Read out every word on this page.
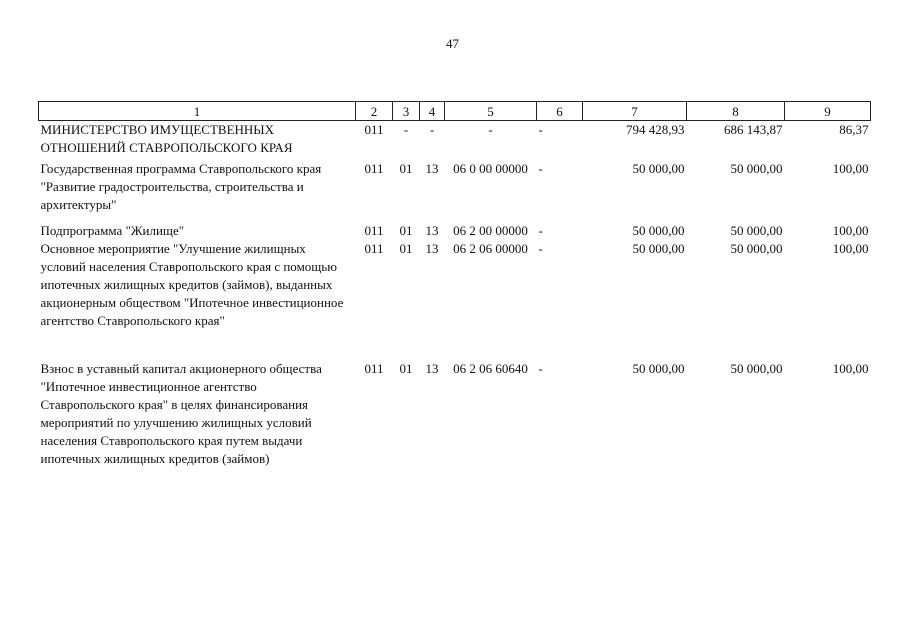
47
1	2	3	4	5	6	7	8	9
МИНИСТЕРСТВО ИМУЩЕСТВЕННЫХ ОТНОШЕНИЙ СТАВРОПОЛЬСКОГО КРАЯ	011	-	-	-	-	794 428,93	686 143,87	86,37

Государственная программа Ставропольского края "Развитие градостроительства, строительства и архитектуры"	011	01	13	06 0 00 00000	-	50 000,00	50 000,00	100,00

Подпрограмма "Жилище"	011	01	13	06 2 00 00000	-	50 000,00	50 000,00	100,00
Основное мероприятие "Улучшение жилищных условий населения Ставропольского края с помощью ипотечных жилищных кредитов (займов), выданных акционерным обществом "Ипотечное инвестиционное агентство Ставропольского края"	011	01	13	06 2 06 00000	-	50 000,00	50 000,00	100,00

Взнос в уставный капитал акционерного общества "Ипотечное инвестиционное агентство Ставропольского края" в целях финансирования мероприятий по улучшению жилищных условий населения Ставропольского края путем выдачи ипотечных жилищных кредитов (займов)	011	01	13	06 2 06 60640	-	50 000,00	50 000,00	100,00
